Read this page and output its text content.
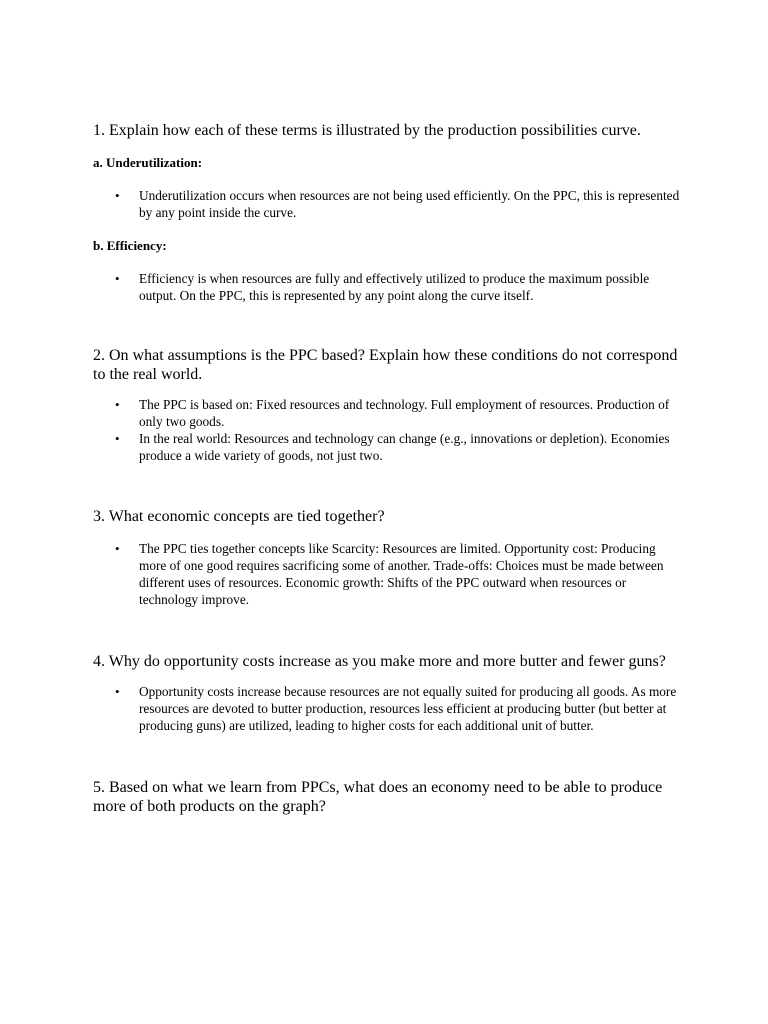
1. Explain how each of these terms is illustrated by the production possibilities curve.

a. Underutilization:

• Underutilization occurs when resources are not being used efficiently. On the PPC, this is represented by any point inside the curve.

b. Efficiency:

• Efficiency is when resources are fully and effectively utilized to produce the maximum possible output. On the PPC, this is represented by any point along the curve itself.

2. On what assumptions is the PPC based? Explain how these conditions do not correspond to the real world.

• The PPC is based on: Fixed resources and technology. Full employment of resources. Production of only two goods.
• In the real world: Resources and technology can change (e.g., innovations or depletion). Economies produce a wide variety of goods, not just two.

3. What economic concepts are tied together?

• The PPC ties together concepts like Scarcity: Resources are limited. Opportunity cost: Producing more of one good requires sacrificing some of another. Trade-offs: Choices must be made between different uses of resources. Economic growth: Shifts of the PPC outward when resources or technology improve.

4. Why do opportunity costs increase as you make more and more butter and fewer guns?

• Opportunity costs increase because resources are not equally suited for producing all goods. As more resources are devoted to butter production, resources less efficient at producing butter (but better at producing guns) are utilized, leading to higher costs for each additional unit of butter.

5. Based on what we learn from PPCs, what does an economy need to be able to produce more of both products on the graph?
